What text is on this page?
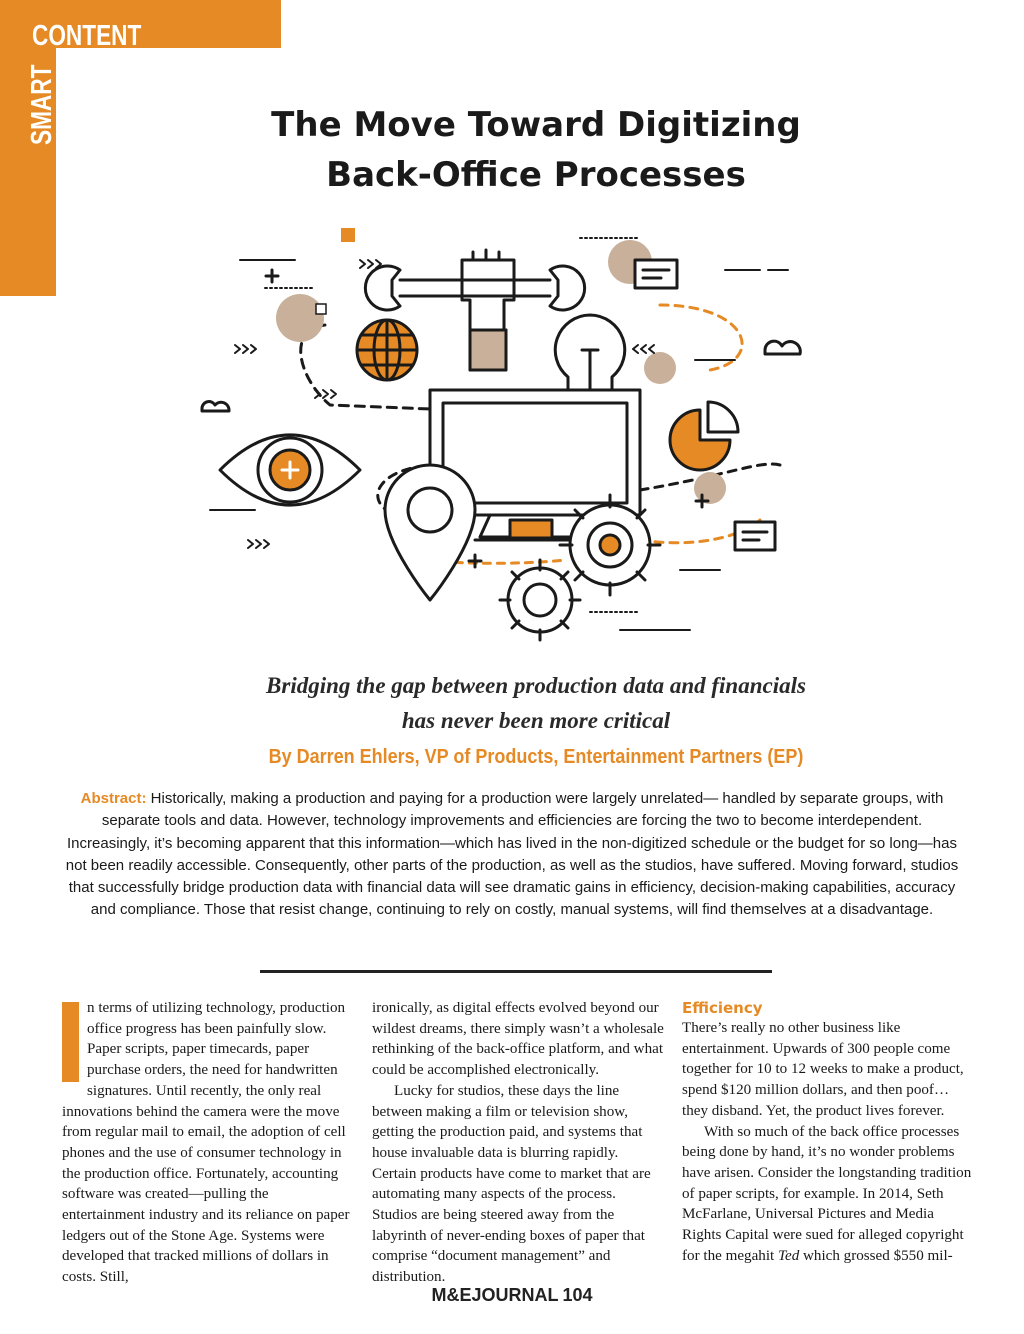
CONTENT
SMART	The Move Toward Digitizing
Back-Office Processes
Bridging the gap between production data and financials
has never been more critical
By Darren Ehlers, VP of Products, Entertainment Partners (EP)
Abstract: Historically, making a production and paying for a production were largely unrelated— handled by separate groups, with separate tools and data. However, technology improvements and efficiencies are forcing the two to become interdependent. Increasingly, it’s becoming apparent that this information—which has lived in the non-digitized schedule or the budget for so long—has not been readily accessible. Consequently, other parts of the production, as well as the studios, have suffered. Moving forward, studios that successfully bridge production data with financial data will see dramatic gains in efficiency, decision-making capabilities, accuracy and compliance. Those that resist change, continuing to rely on costly, manual systems, will find themselves at a disadvantage.

n terms of utilizing technology, production office progress has been painfully slow. Paper scripts, paper timecards, paper purchase orders, the need for handwritten signatures. Until recently, the only real innovations behind the camera were the move from regular mail to email, the adoption of cell phones and the use of consumer technology in the production office. Fortunately, accounting software was created—pulling the entertainment industry and its reliance on paper ledgers out of the Stone Age. Systems were developed that tracked millions of dollars in costs. Still,

ironically, as digital effects evolved beyond our wildest dreams, there simply wasn’t a wholesale rethinking of the back-office platform, and what could be accomplished electronically.

Lucky for studios, these days the line between making a film or television show, getting the production paid, and systems that house invaluable data is blurring rapidly. Certain products have come to market that are automating many aspects of the process. Studios are being steered away from the labyrinth of never-ending boxes of paper that comprise “document management” and distribution.

Efficiency

There’s really no other business like entertainment. Upwards of 300 people come together for 10 to 12 weeks to make a product, spend $120 million dollars, and then poof…they disband. Yet, the product lives forever.

With so much of the back office processes being done by hand, it’s no wonder problems have arisen. Consider the longstanding tradition of paper scripts, for example. In 2014, Seth McFarlane, Universal Pictures and Media Rights Capital were sued for alleged copyright for the megahit Ted which grossed $550 mil-

M&EJOURNAL 104
